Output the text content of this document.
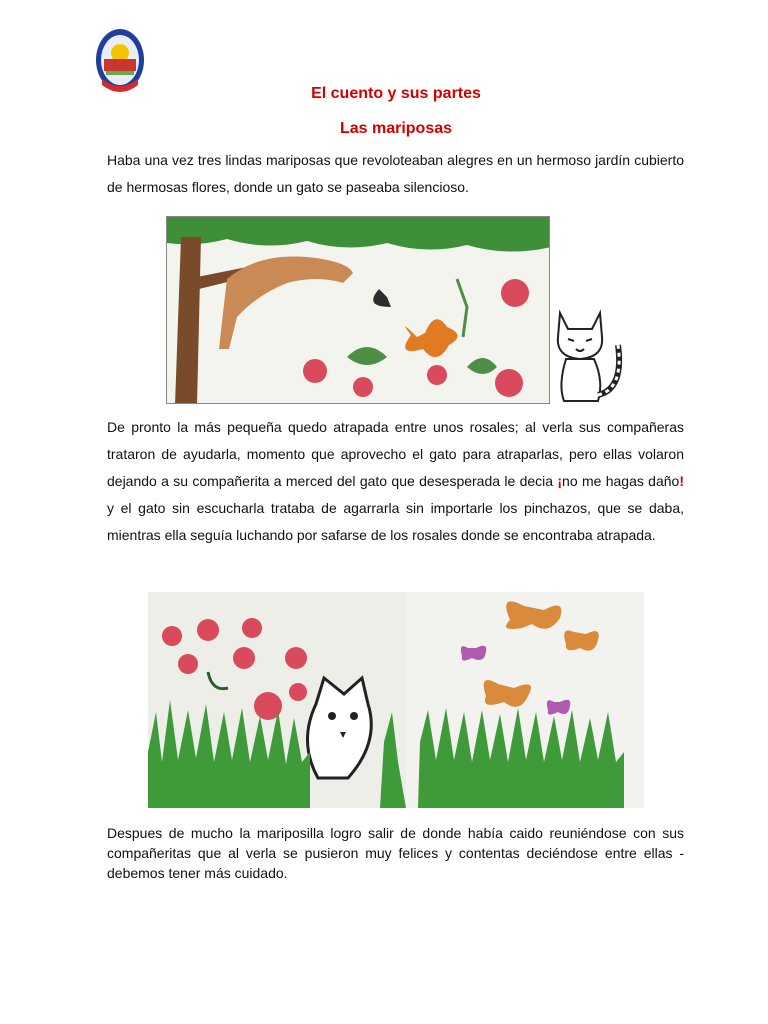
El cuento y sus partes
Las mariposas

Haba una vez tres lindas mariposas que revoloteaban alegres en un hermoso jardín cubierto de hermosas flores, donde un gato se paseaba silencioso.

De pronto la más pequeña quedo atrapada entre unos rosales; al verla sus compañeras trataron de ayudarla, momento que aprovecho el gato para atraparlas, pero ellas volaron dejando a su compañerita a merced del gato que desesperada le decia ¡no me hagas daño! y el gato sin escucharla trataba de agarrarla sin importarle los pinchazos, que se daba, mientras ella seguía luchando por safarse de los rosales donde se encontraba atrapada.

Despues de mucho la mariposilla logro salir de donde había caido reuniéndose con sus compañeritas que al verla se pusieron muy felices y contentas deciéndose entre ellas - debemos tener más cuidado.
